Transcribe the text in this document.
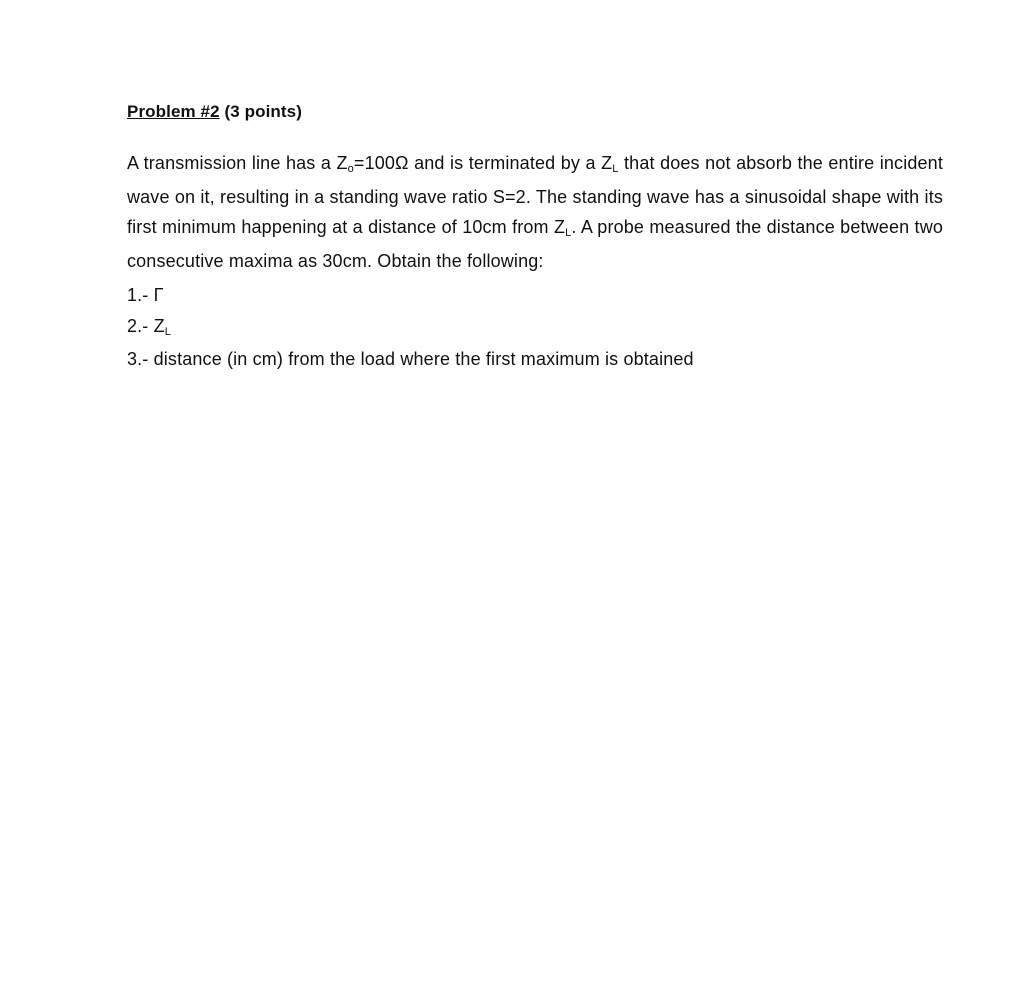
Problem #2 (3 points)

A transmission line has a Zo=100Ω and is terminated by a ZL that does not absorb the entire incident wave on it, resulting in a standing wave ratio S=2. The standing wave has a sinusoidal shape with its first minimum happening at a distance of 10cm from ZL. A probe measured the distance between two consecutive maxima as 30cm. Obtain the following:

1.- Γ
2.- ZL
3.- distance (in cm) from the load where the first maximum is obtained
